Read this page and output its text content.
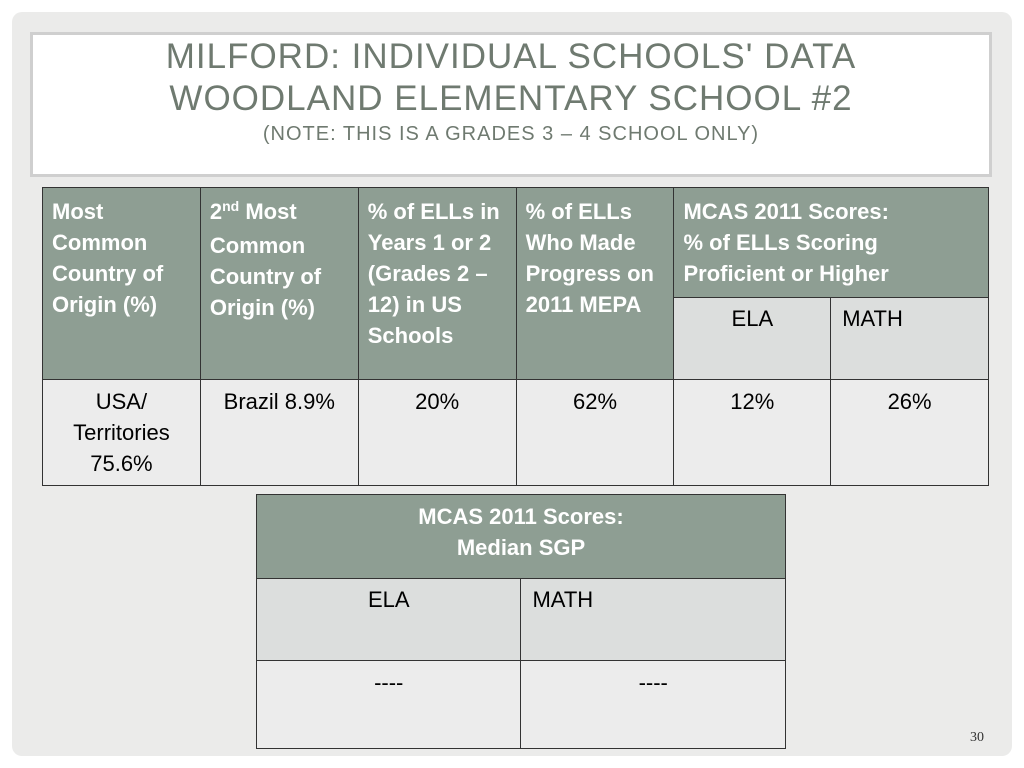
MILFORD: INDIVIDUAL SCHOOLS' DATA
WOODLAND ELEMENTARY SCHOOL #2
(NOTE: THIS IS A GRADES 3 – 4 SCHOOL ONLY)
Most Common Country of Origin (%)	2nd Most Common Country of Origin (%)	% of ELLs in Years 1 or 2 (Grades 2 – 12) in US Schools	% of ELLs Who Made Progress on 2011 MEPA	MCAS 2011 Scores:
% of ELLs Scoring Proficient or Higher	
				ELA	MATH
USA/ Territories 75.6%	Brazil 8.9%	20%	62%	12%	26%
MCAS 2011 Scores:
Median SGP	
ELA	MATH
----	----
30
